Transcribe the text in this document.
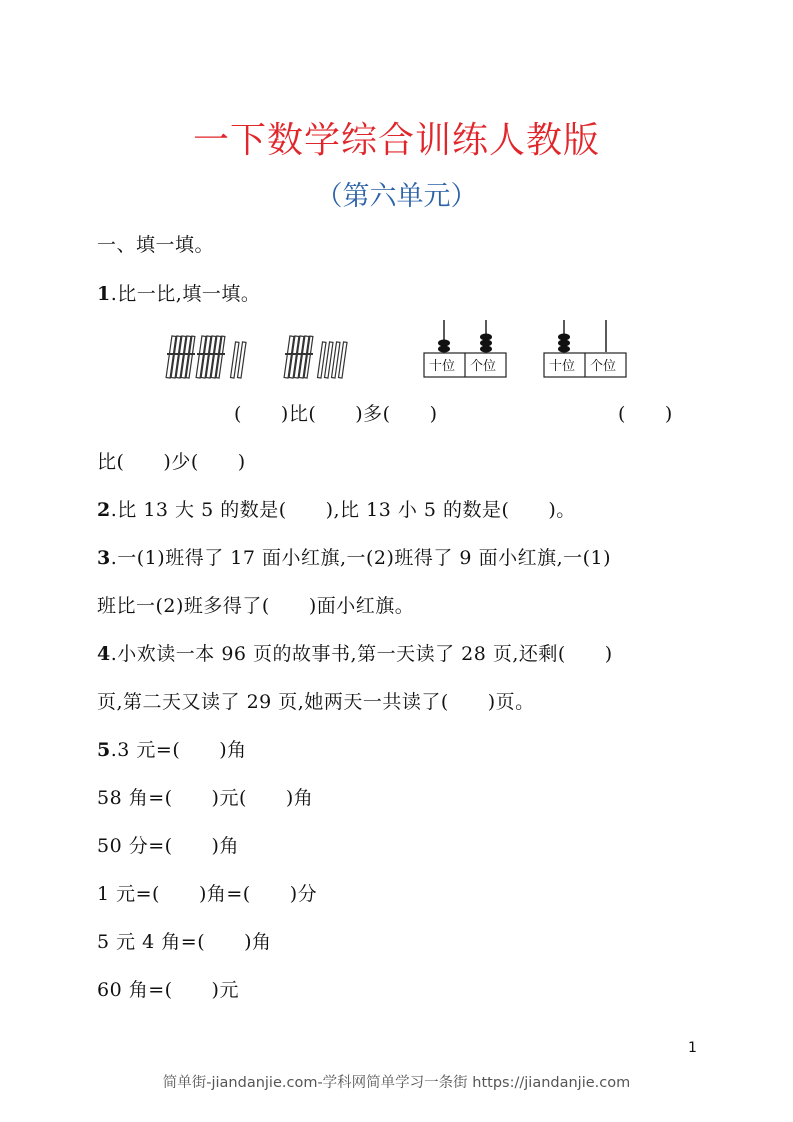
一下数学综合训练人教版
（第六单元）
一、填一填。
1.比一比,填一填。
十位 个位	十位 个位
(　　)比(　　)多(　　)	(　　)
比(　　)少(　　)
2.比 13 大 5 的数是(　　),比 13 小 5 的数是(　　)。
3.一(1)班得了 17 面小红旗,一(2)班得了 9 面小红旗,一(1)
班比一(2)班多得了(　　)面小红旗。
4.小欢读一本 96 页的故事书,第一天读了 28 页,还剩(　　)
页,第二天又读了 29 页,她两天一共读了(　　)页。
5.3 元=(　　)角
58 角=(　　)元(　　)角
50 分=(　　)角
1 元=(　　)角=(　　)分
5 元 4 角=(　　)角
60 角=(　　)元
1
简单街-jiandanjie.com-学科网简单学习一条街 https://jiandanjie.com
